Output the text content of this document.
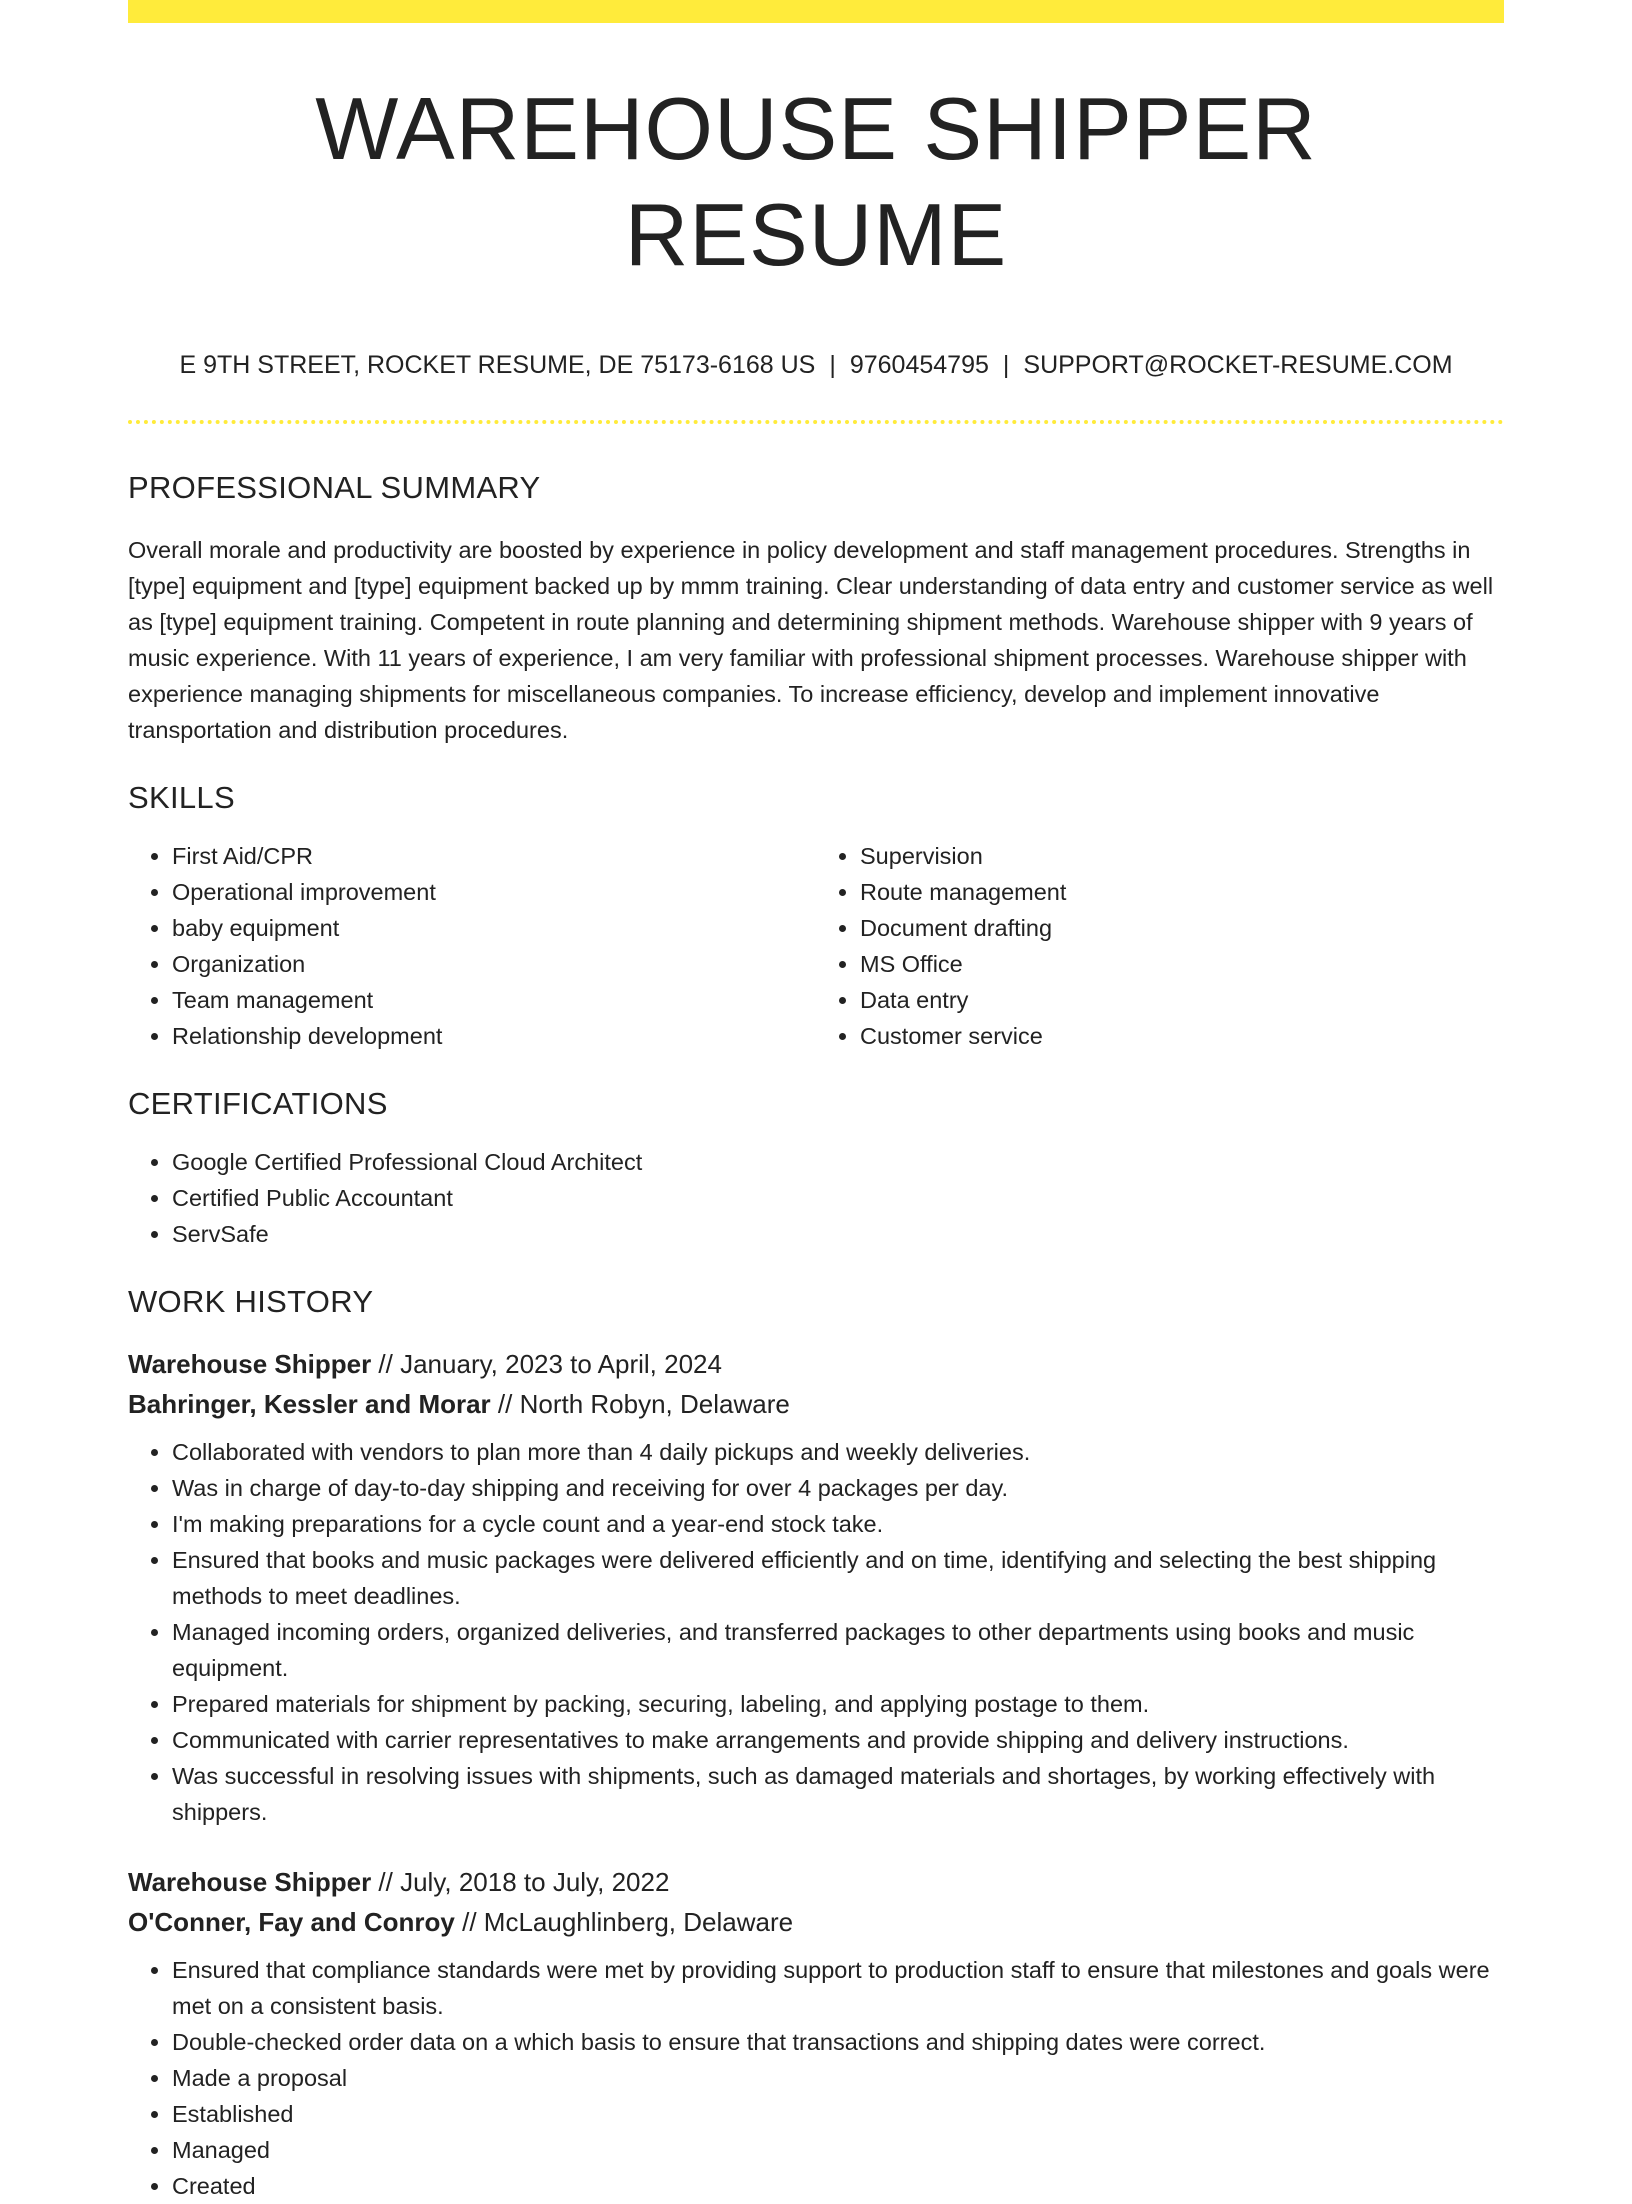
WAREHOUSE SHIPPER RESUME
E 9TH STREET, ROCKET RESUME, DE 75173-6168 US | 9760454795 | SUPPORT@ROCKET-RESUME.COM
PROFESSIONAL SUMMARY

Overall morale and productivity are boosted by experience in policy development and staff management procedures. Strengths in [type] equipment and [type] equipment backed up by mmm training. Clear understanding of data entry and customer service as well as [type] equipment training. Competent in route planning and determining shipment methods. Warehouse shipper with 9 years of music experience. With 11 years of experience, I am very familiar with professional shipment processes. Warehouse shipper with experience managing shipments for miscellaneous companies. To increase efficiency, develop and implement innovative transportation and distribution procedures.

SKILLS
• First Aid/CPR
• Operational improvement
• baby equipment
• Organization
• Team management
• Relationship development
• Supervision
• Route management
• Document drafting
• MS Office
• Data entry
• Customer service
CERTIFICATIONS
• Google Certified Professional Cloud Architect
• Certified Public Accountant
• ServSafe
WORK HISTORY
Warehouse Shipper // January, 2023 to April, 2024
Bahringer, Kessler and Morar // North Robyn, Delaware
• Collaborated with vendors to plan more than 4 daily pickups and weekly deliveries.
• Was in charge of day-to-day shipping and receiving for over 4 packages per day.
• I'm making preparations for a cycle count and a year-end stock take.
• Ensured that books and music packages were delivered efficiently and on time, identifying and selecting the best shipping methods to meet deadlines.
• Managed incoming orders, organized deliveries, and transferred packages to other departments using books and music equipment.
• Prepared materials for shipment by packing, securing, labeling, and applying postage to them.
• Communicated with carrier representatives to make arrangements and provide shipping and delivery instructions.
• Was successful in resolving issues with shipments, such as damaged materials and shortages, by working effectively with shippers.
Warehouse Shipper // July, 2018 to July, 2022
O'Conner, Fay and Conroy // McLaughlinberg, Delaware
• Ensured that compliance standards were met by providing support to production staff to ensure that milestones and goals were met on a consistent basis.
• Double-checked order data on a which basis to ensure that transactions and shipping dates were correct.
• Made a proposal
• Established
• Managed
• Created
